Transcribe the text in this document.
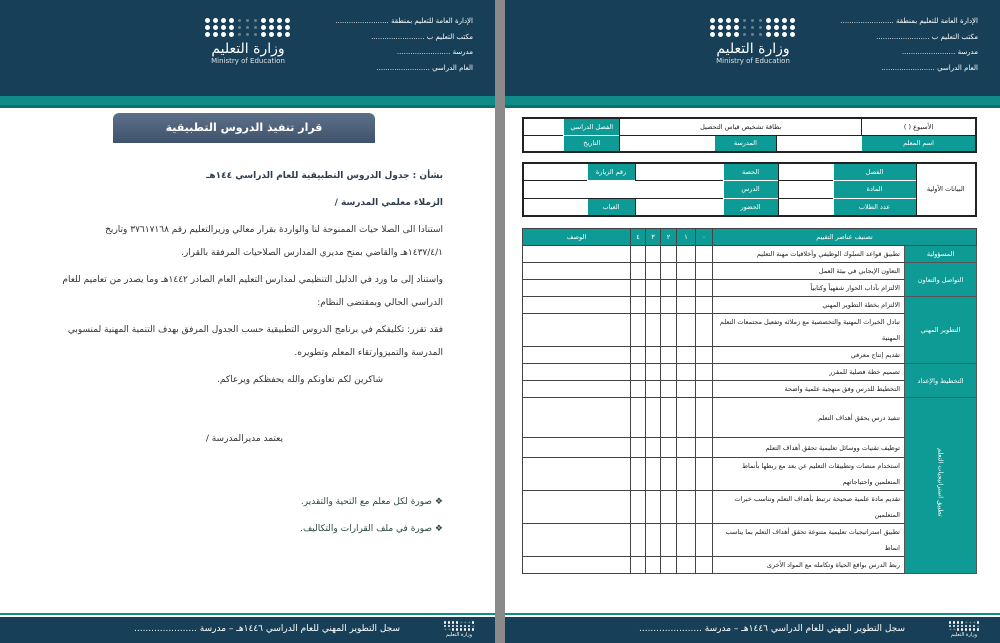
وزارة التعليم
Ministry of Education
الإدارة العامة للتعليم بمنطقة .....
مكتب التعليم ب .....
مدرسة .....
العام الدراسي .....
قرار تنفيذ الدروس التطبيقية

بشأن : جدول الدروس التطبيقية للعام الدراسي ١٤٤هـ

الزملاء معلمي المدرسة /

استنادا الى الصلا حيات الممنوحة لنا والواردة بقرار معالي وزيرالتعليم رقم ٣٧٦١٧١٦٨ وتاريخ ١٤٣٧/٤/١هـ والقاضي بمنح مديري المدارس الصلاحيات المرفقة بالقرار.

واستناد إلى ما ورد في الدليل التنظيمي لمدارس التعليم العام الصادر ١٤٤٢هـ وما يصدر من تعاميم للعام الدراسي الحالي وبمقتضى النظام:

فقد تقرر: تكليفكم في برنامج الدروس التطبيقية حسب الجدول المرفق بهدف التنمية المهنية لمنسوبي المدرسة والتميزوارتقاء المعلم وتطويره.

شاكرين لكم تعاونكم والله يحفظكم ويرعاكم.

يعتمد مديرالمدرسة /

❖ صورة لكل معلم مع التحية والتقدير.

❖ صورة في ملف القرارات والتكاليف.

وزارة التعليم
سجل التطوير المهني للعام الدراسي ١٤٤٦هـ – مدرسة .....
وزارة التعليم
Ministry of Education
الإدارة العامة للتعليم بمنطقة .....
مكتب التعليم ب .....
مدرسة .....
العام الدراسي .....
وزارة التعليم
سجل التطوير المهني للعام الدراسي ١٤٤٦هـ – مدرسة .....
الأسبوع ( )	بطاقة تشخيص قياس التحصيل			الفصل الدراسي	
اسم المعلم		المدرسة		التاريخ	
البيانات الأولية	الفصل		الحصة		رقم الزيارة	
	المادة		الدرس			
	عدد الطلاب		الحضور		الغياب	
تصنيف عناصر التقييم		٠	١	٢	٣	٤	الوصف
المسؤولية	تطبيق قواعد السلوك الوظيفي وأخلاقيات مهنة التعليم						
التواصل والتعاون	التعاون الإيجابي في بيئة العمل						
	الالتزام بآداب الحوار شفهياً وكتابياً						
التطوير المهني	الالتزام بخطة التطوير المهني						
	تبادل الخبرات المهنية والتخصصية مع زملائه وتفعيل مجتمعات التعلم المهنية						
	تقديم إنتاج معرفي						
التخطيط والإعداد	تصميم خطة فصلية للمقرر						
	التخطيط للدرس وفق منهجية علمية واضحة						
تطبيق استراتيجيات التعلم	تنفيذ درس يحقق أهداف التعلم						
	توظيف تقنيات ووسائل تعليمية تحقق أهداف التعلم						
	استخدام منصات وتطبيقات التعليم عن بعد مع ربطها بأنماط المتعلمين واحتياجاتهم						
	تقديم مادة علمية صحيحة ترتبط بأهداف التعلم وتناسب خبرات المتعلمين						
	تطبيق استراتيجيات تعليمية متنوعة تحقق أهداف التعلم بما يناسب انماط						
	ربط الدرس بواقع الحياة وتكامله مع المواد الأخرى						
